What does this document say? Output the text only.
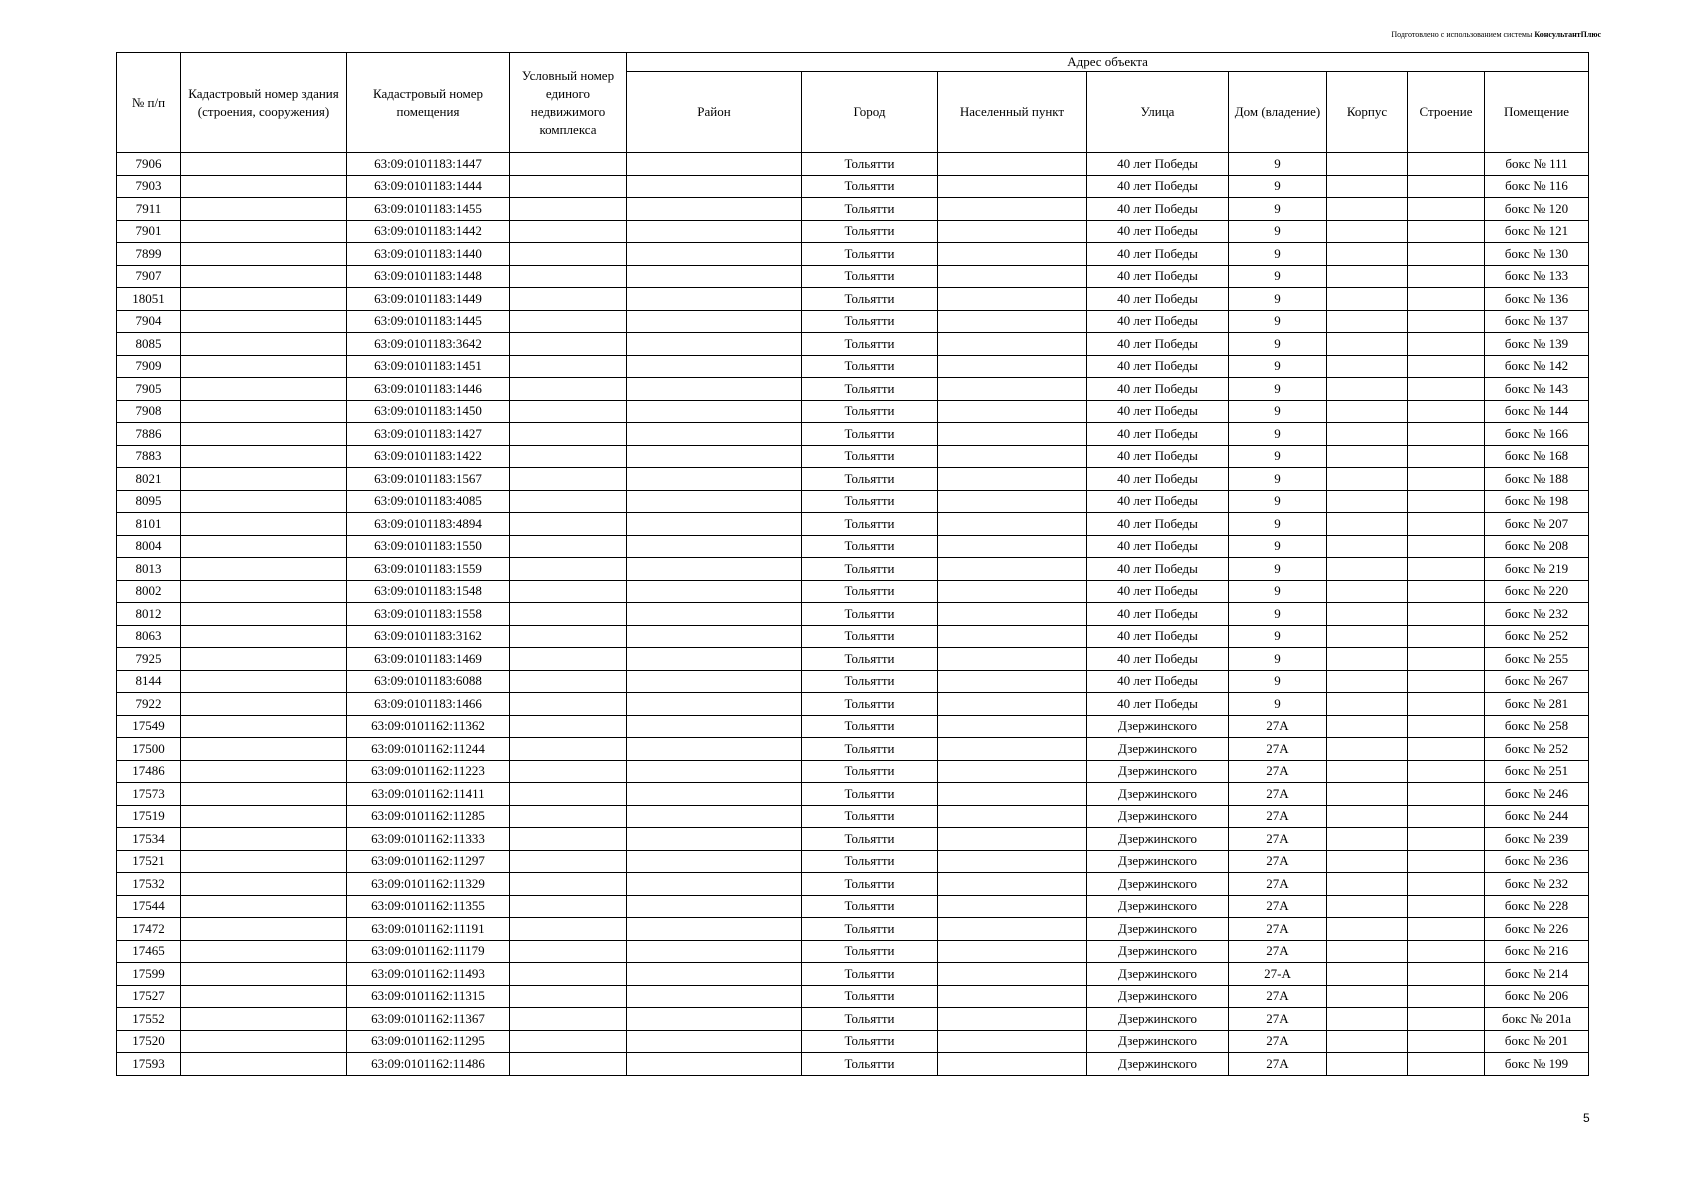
Подготовлено с использованием системы КонсультантПлюс
№ п/п	Кадастровый номер здания (строения, сооружения)	Кадастровый номер помещения	Условный номер единого недвижимого комплекса	Адрес объекта							
				Район	Город	Населенный пункт	Улица	Дом (владение)	Корпус	Строение	Помещение
7906		63:09:0101183:1447			Тольятти		40 лет Победы	9			бокс № 111
7903		63:09:0101183:1444			Тольятти		40 лет Победы	9			бокс № 116
7911		63:09:0101183:1455			Тольятти		40 лет Победы	9			бокс № 120
7901		63:09:0101183:1442			Тольятти		40 лет Победы	9			бокс № 121
7899		63:09:0101183:1440			Тольятти		40 лет Победы	9			бокс № 130
7907		63:09:0101183:1448			Тольятти		40 лет Победы	9			бокс № 133
18051		63:09:0101183:1449			Тольятти		40 лет Победы	9			бокс № 136
7904		63:09:0101183:1445			Тольятти		40 лет Победы	9			бокс № 137
8085		63:09:0101183:3642			Тольятти		40 лет Победы	9			бокс № 139
7909		63:09:0101183:1451			Тольятти		40 лет Победы	9			бокс № 142
7905		63:09:0101183:1446			Тольятти		40 лет Победы	9			бокс № 143
7908		63:09:0101183:1450			Тольятти		40 лет Победы	9			бокс № 144
7886		63:09:0101183:1427			Тольятти		40 лет Победы	9			бокс № 166
7883		63:09:0101183:1422			Тольятти		40 лет Победы	9			бокс № 168
8021		63:09:0101183:1567			Тольятти		40 лет Победы	9			бокс № 188
8095		63:09:0101183:4085			Тольятти		40 лет Победы	9			бокс № 198
8101		63:09:0101183:4894			Тольятти		40 лет Победы	9			бокс № 207
8004		63:09:0101183:1550			Тольятти		40 лет Победы	9			бокс № 208
8013		63:09:0101183:1559			Тольятти		40 лет Победы	9			бокс № 219
8002		63:09:0101183:1548			Тольятти		40 лет Победы	9			бокс № 220
8012		63:09:0101183:1558			Тольятти		40 лет Победы	9			бокс № 232
8063		63:09:0101183:3162			Тольятти		40 лет Победы	9			бокс № 252
7925		63:09:0101183:1469			Тольятти		40 лет Победы	9			бокс № 255
8144		63:09:0101183:6088			Тольятти		40 лет Победы	9			бокс № 267
7922		63:09:0101183:1466			Тольятти		40 лет Победы	9			бокс № 281
17549		63:09:0101162:11362			Тольятти		Дзержинского	27А			бокс № 258
17500		63:09:0101162:11244			Тольятти		Дзержинского	27А			бокс № 252
17486		63:09:0101162:11223			Тольятти		Дзержинского	27А			бокс № 251
17573		63:09:0101162:11411			Тольятти		Дзержинского	27А			бокс № 246
17519		63:09:0101162:11285			Тольятти		Дзержинского	27А			бокс № 244
17534		63:09:0101162:11333			Тольятти		Дзержинского	27А			бокс № 239
17521		63:09:0101162:11297			Тольятти		Дзержинского	27А			бокс № 236
17532		63:09:0101162:11329			Тольятти		Дзержинского	27А			бокс № 232
17544		63:09:0101162:11355			Тольятти		Дзержинского	27А			бокс № 228
17472		63:09:0101162:11191			Тольятти		Дзержинского	27А			бокс № 226
17465		63:09:0101162:11179			Тольятти		Дзержинского	27А			бокс № 216
17599		63:09:0101162:11493			Тольятти		Дзержинского	27-А			бокс № 214
17527		63:09:0101162:11315			Тольятти		Дзержинского	27А			бокс № 206
17552		63:09:0101162:11367			Тольятти		Дзержинского	27А			бокс № 201а
17520		63:09:0101162:11295			Тольятти		Дзержинского	27А			бокс № 201
17593		63:09:0101162:11486			Тольятти		Дзержинского	27А			бокс № 199
5
